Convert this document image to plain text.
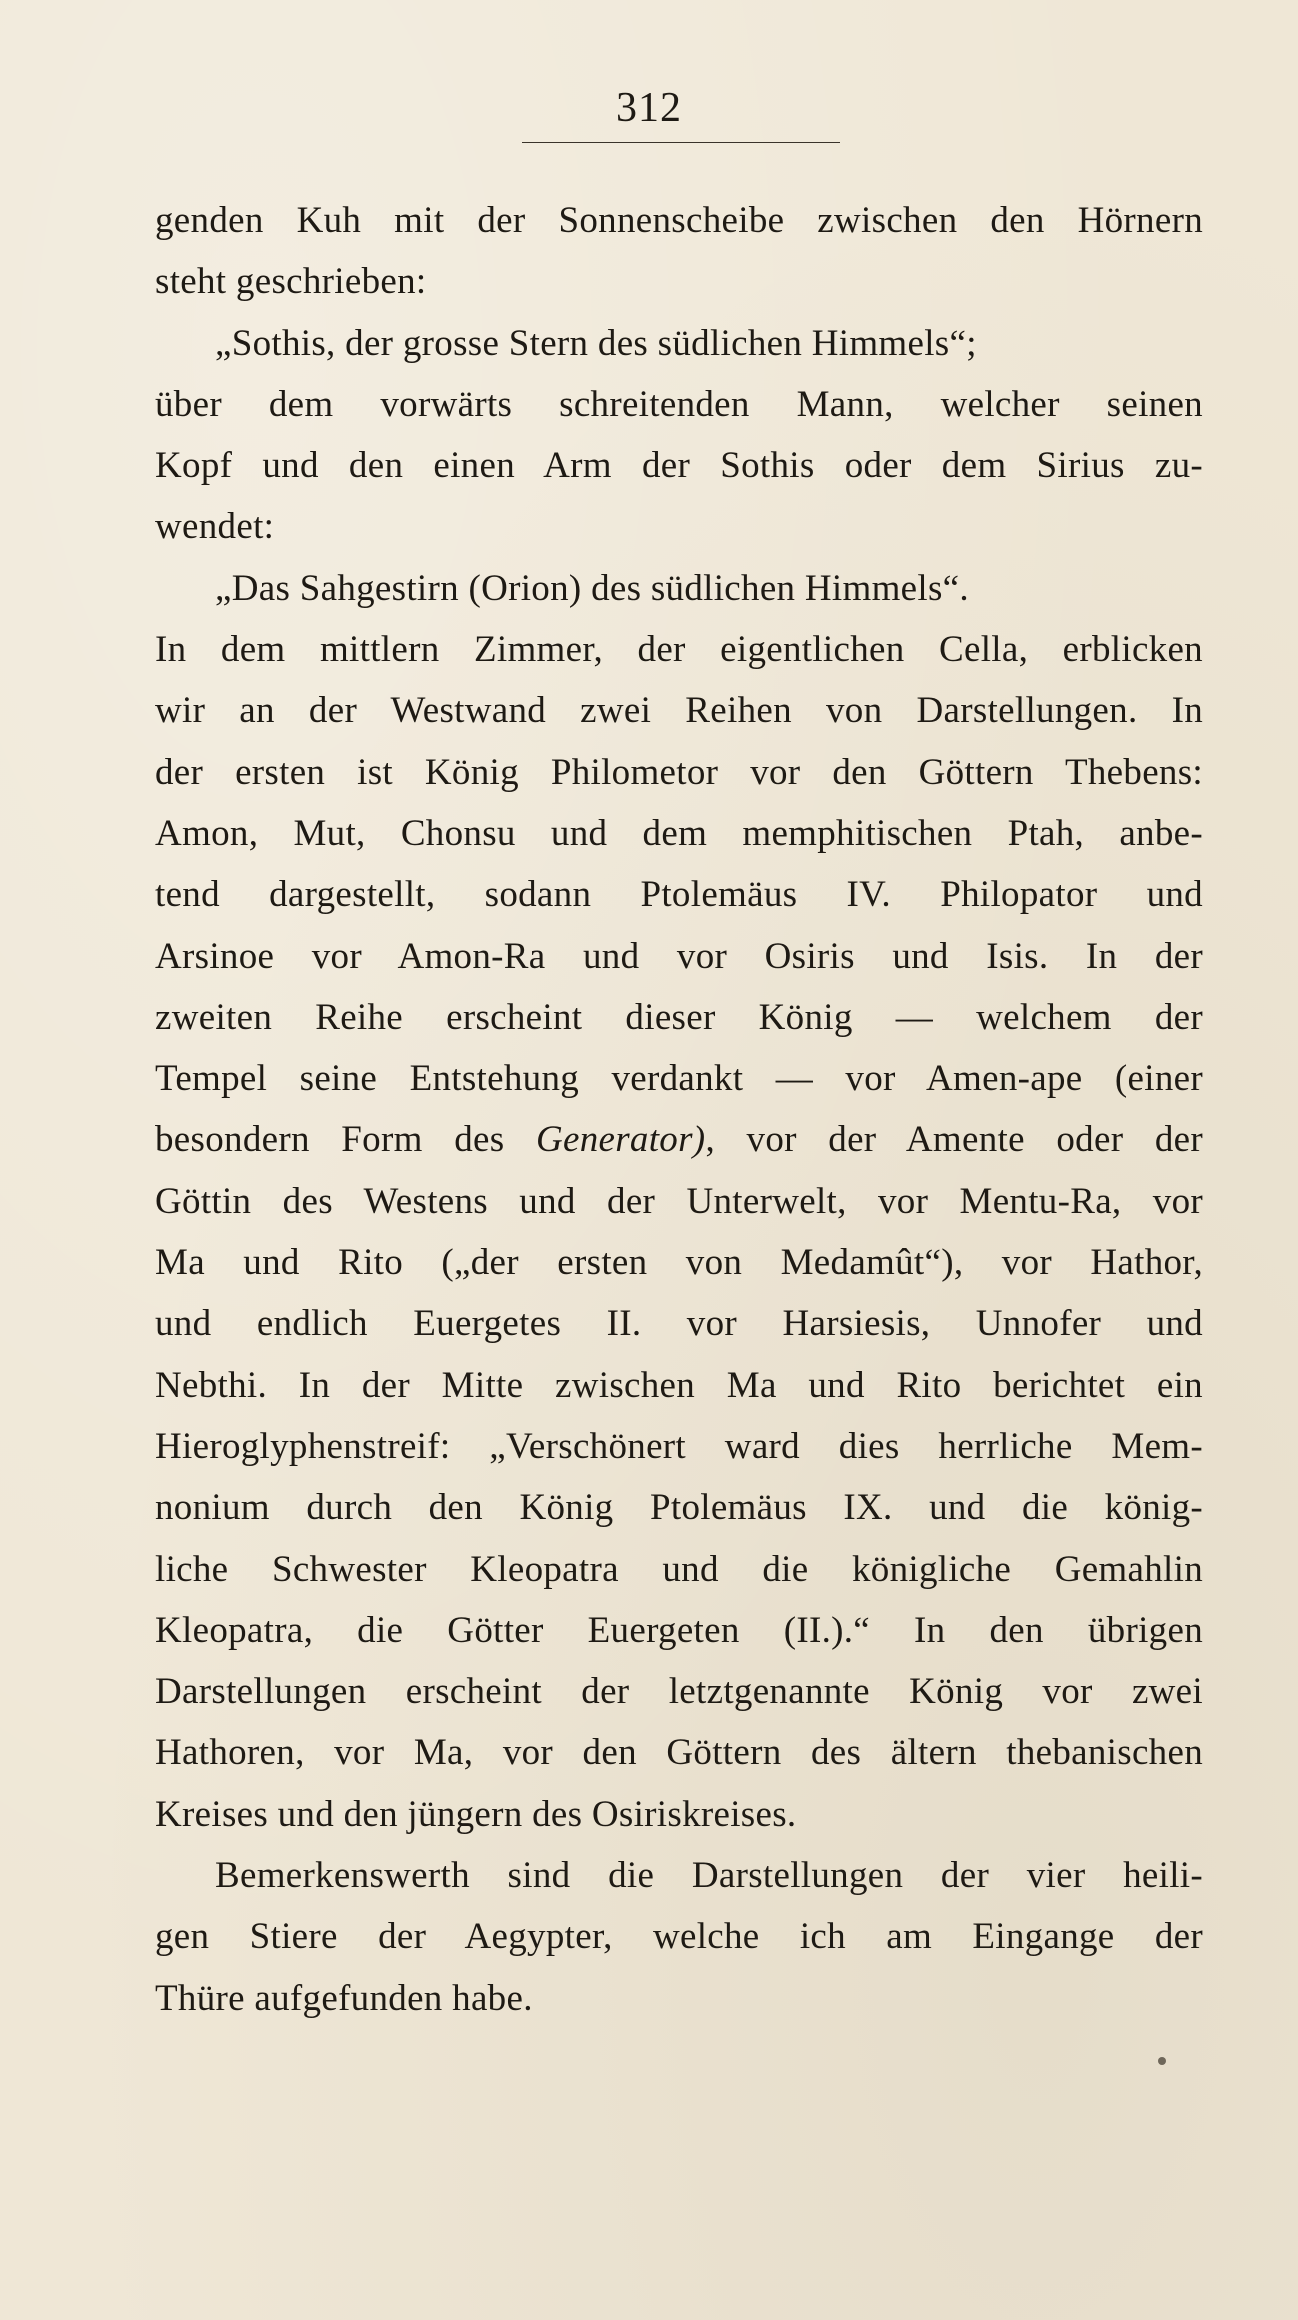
312
genden Kuh mit der Sonnenscheibe zwischen den Hörnern
steht geschrieben:
„Sothis, der grosse Stern des südlichen Himmels“;
über dem vorwärts schreitenden Mann, welcher seinen
Kopf und den einen Arm der Sothis oder dem Sirius zu-
wendet:
„Das Sahgestirn (Orion) des südlichen Himmels“.
In dem mittlern Zimmer, der eigentlichen Cella, erblicken
wir an der Westwand zwei Reihen von Darstellungen. In
der ersten ist König Philometor vor den Göttern Thebens:
Amon, Mut, Chonsu und dem memphitischen Ptah, anbe-
tend dargestellt, sodann Ptolemäus IV. Philopator und
Arsinoe vor Amon-Ra und vor Osiris und Isis. In der
zweiten Reihe erscheint dieser König — welchem der
Tempel seine Entstehung verdankt — vor Amen-ape (einer
besondern Form des Generator), vor der Amente oder der
Göttin des Westens und der Unterwelt, vor Mentu-Ra, vor
Ma und Rito („der ersten von Medamût“), vor Hathor,
und endlich Euergetes II. vor Harsiesis, Unnofer und
Nebthi. In der Mitte zwischen Ma und Rito berichtet ein
Hieroglyphenstreif: „Verschönert ward dies herrliche Mem-
nonium durch den König Ptolemäus IX. und die könig-
liche Schwester Kleopatra und die königliche Gemahlin
Kleopatra, die Götter Euergeten (II.).“ In den übrigen
Darstellungen erscheint der letztgenannte König vor zwei
Hathoren, vor Ma, vor den Göttern des ältern thebanischen
Kreises und den jüngern des Osiriskreises.
Bemerkenswerth sind die Darstellungen der vier heili-
gen Stiere der Aegypter, welche ich am Eingange der
Thüre aufgefunden habe.
